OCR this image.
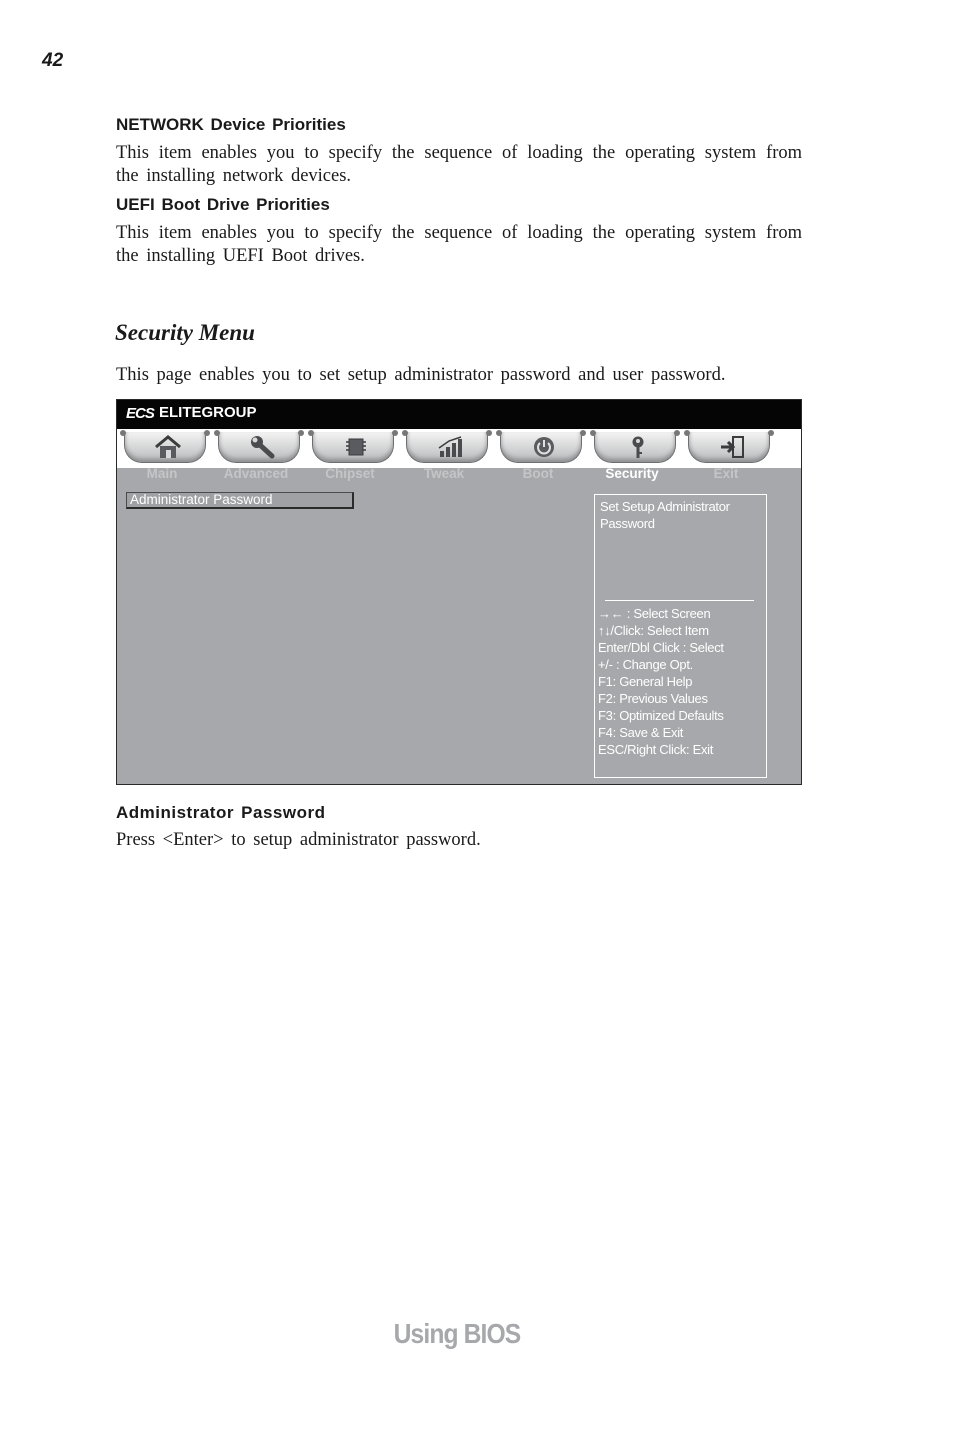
42
NETWORK Device Priorities
This item enables you to specify the sequence of loading the operating system from the installing network devices.
UEFI Boot Drive Priorities
This item enables you to specify the sequence of loading the operating system from the installing UEFI Boot drives.
Security Menu
This page enables you to set setup administrator password and user password.
ECS ELITEGROUP
Main	Advanced	Chipset	Tweak	Boot	Security	Exit
Administrator Password	Set Setup Administrator Password
→← : Select Screen
↑↓/Click: Select Item
Enter/Dbl Click : Select
+/- : Change Opt.
F1: General Help
F2: Previous Values
F3: Optimized Defaults
F4: Save & Exit
ESC/Right Click: Exit
Administrator Password
Press <Enter> to setup administrator password.
Using BIOS
